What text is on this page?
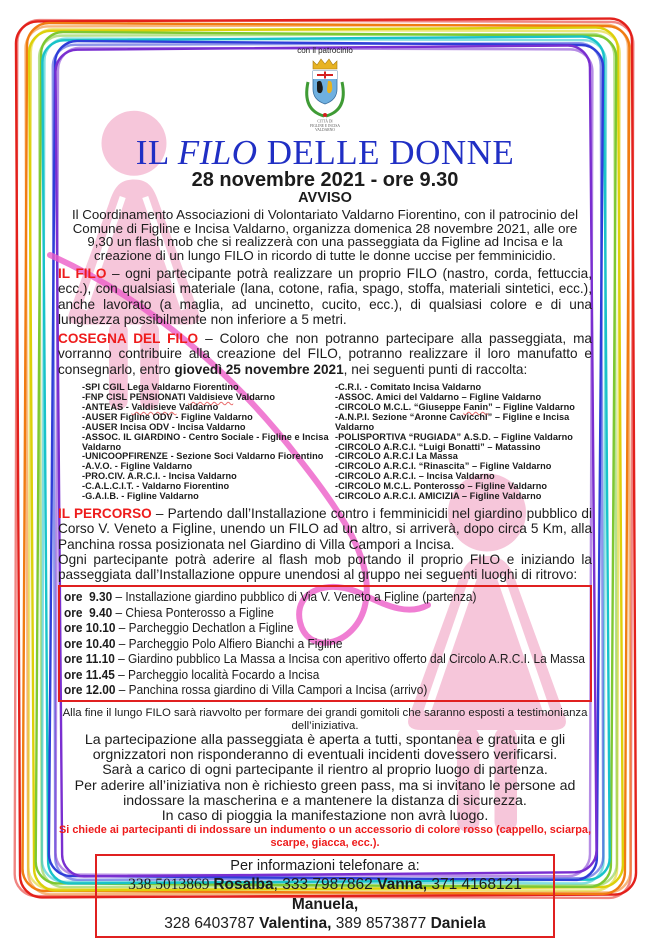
con il patrocinio
CITTÀ DI
FIGLINE E INCISA
VALDARNO
IL FILO DELLE DONNE
28 novembre 2021 - ore 9.30
AVVISO
Il Coordinamento Associazioni di Volontariato Valdarno Fiorentino, con il patrocinio del Comune di Figline e Incisa Valdarno, organizza domenica 28 novembre 2021, alle ore 9,30 un flash mob che si realizzerà con una passeggiata da Figline ad Incisa e la creazione di un lungo FILO in ricordo di tutte le donne uccise per femminicidio.
IL FILO – ogni partecipante potrà realizzare un proprio FILO (nastro, corda, fettuccia, ecc.), con qualsiasi materiale (lana, cotone, rafia, spago, stoffa, materiali sintetici, ecc.), anche lavorato (a maglia, ad uncinetto, cucito, ecc.), di qualsiasi colore e di una lunghezza possibilmente non inferiore a 5 metri.
COSEGNA DEL FILO – Coloro che non potranno partecipare alla passeggiata, ma vorranno contribuire alla creazione del FILO, potranno realizzare il loro manufatto e consegnarlo, entro giovedì 25 novembre 2021, nei seguenti punti di raccolta:
-SPI CGIL Lega Valdarno Fiorentino
-FNP CISL PENSIONATI Valdisieve Valdarno
-ANTEAS - Valdisieve Valdarno
-AUSER Figline ODV - Figline Valdarno
-AUSER Incisa ODV - Incisa Valdarno
-ASSOC. IL GIARDINO - Centro Sociale - Figline e Incisa Valdarno
-UNICOOPFIRENZE - Sezione Soci Valdarno Fiorentino
-A.V.O. - Figline Valdarno
-PRO.CIV. A.R.C.I. - Incisa Valdarno
-C.A.L.C.I.T. - Valdarno Fiorentino
-G.A.I.B. - Figline Valdarno
-C.R.I. - Comitato Incisa Valdarno
-ASSOC. Amici del Valdarno – Figline Valdarno
-CIRCOLO M.C.L. “Giuseppe Fanin” – Figline Valdarno
-A.N.P.I. Sezione “Aronne Cavicchi” – Figline e Incisa Valdarno
-POLISPORTIVA “RUGIADA” A.S.D. – Figline Valdarno
-CIRCOLO A.R.C.I. “Luigi Bonatti” – Matassino
-CIRCOLO A.R.C.I La Massa
-CIRCOLO A.R.C.I. “Rinascita” – Figline Valdarno
-CIRCOLO A.R.C.I. – Incisa Valdarno
-CIRCOLO M.C.L. Ponterosso – Figline Valdarno
-CIRCOLO A.R.C.I. AMICIZIA – Figline Valdarno
IL PERCORSO – Partendo dall’Installazione contro i femminicidi nel giardino pubblico di Corso V. Veneto a Figline, unendo un FILO ad un altro, si arriverà, dopo circa 5 Km, alla Panchina rossa posizionata nel Giardino di Villa Campori a Incisa.
Ogni partecipante potrà aderire al flash mob portando il proprio FILO e iniziando la passeggiata dall’Installazione oppure unendosi al gruppo nei seguenti luoghi di ritrovo:
ore  9.30 – Installazione giardino pubblico di Via V. Veneto a Figline (partenza)
ore  9.40 – Chiesa Ponterosso a Figline
ore 10.10 – Parcheggio Dechatlon a Figline
ore 10.40 – Parcheggio Polo Alfiero Bianchi a Figline
ore 11.10 – Giardino pubblico La Massa a Incisa con aperitivo offerto dal Circolo A.R.C.I. La Massa
ore 11.45 – Parcheggio località Focardo a Incisa
ore 12.00 – Panchina rossa giardino di Villa Campori a Incisa (arrivo)
Alla fine il lungo FILO sarà riavvolto per formare dei grandi gomitoli che saranno esposti a testimonianza dell’iniziativa.
La partecipazione alla passeggiata è aperta a tutti, spontanea e gratuita e gli orgnizzatori non risponderanno di eventuali incidenti dovessero verificarsi.
Sarà a carico di ogni partecipante il rientro al proprio luogo di partenza.
Per aderire all’iniziativa non è richiesto green pass, ma si invitano le persone ad indossare la mascherina e a mantenere la distanza di sicurezza.
In caso di pioggia la manifestazione non avrà luogo.
Si chiede ai partecipanti di indossare un indumento o un accessorio di colore rosso (cappello, sciarpa, scarpe, giacca, ecc.).
Per informazioni telefonare a:
338 5013869 Rosalba, 333 7987862 Vanna, 371 4168121 Manuela,
328 6403787 Valentina, 389 8573877 Daniela
